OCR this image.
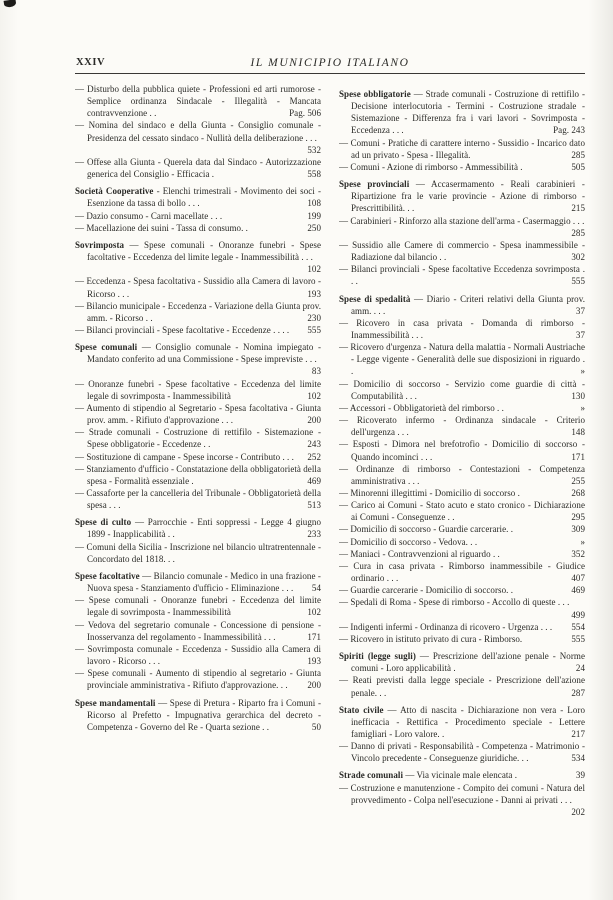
XXIV	IL MUNICIPIO ITALIANO
— Disturbo della pubblica quiete - Professioni ed arti rumorose - Semplice ordinanza Sindacale - Illegalità - Mancata contravvenzione . .	Pag. 506
— Nomina del sindaco e della Giunta - Consiglio comunale - Presidenza del cessato sindaco - Nullità della deliberazione . . .
532
— Offese alla Giunta - Querela data dal Sindaco - Autorizzazione generica del Consiglio - Efficacia .	558
Società Cooperative - Elenchi trimestrali - Movimento dei soci - Esenzione da tassa di bollo . . .	108
— Dazio consumo - Carni macellate . . .	199
— Macellazione dei suini - Tassa di consumo. .	250
Sovrimposta — Spese comunali - Onoranze funebri - Spese facoltative - Eccedenza del limite legale - Inammessibilità . . .
102
— Eccedenza - Spesa facoltativa - Sussidio alla Camera di lavoro - Ricorso . . .	193
— Bilancio municipale - Eccedenza - Variazione della Giunta prov. amm. - Ricorso . .	230
— Bilanci provinciali - Spese facoltative - Eccedenze . . . .	555
Spese comunali — Consiglio comunale - Nomina impiegato - Mandato conferito ad una Commissione - Spese impreviste . . .
83
— Onoranze funebri - Spese facoltative - Eccedenza del limite legale di sovrimposta - Inammessibilità	102
— Aumento di stipendio al Segretario - Spesa facoltativa - Giunta prov. amm. - Rifiuto d'approvazione . . .	200
— Strade comunali - Costruzione di rettifilo - Sistemazione - Spese obbligatorie - Eccedenze . .	243
— Sostituzione di campane - Spese incorse - Contributo . . .	252
— Stanziamento d'ufficio - Constatazione della obbligatorietà della spesa - Formalità essenziale .	469
— Cassaforte per la cancelleria del Tribunale - Obbligatorietà della spesa . . .	513
Spese di culto — Parrocchie - Enti soppressi - Legge 4 giugno 1899 - Inapplicabilità . .	233
— Comuni della Sicilia - Inscrizione nel bilancio ultratrentennale - Concordato del 1818. . .
Spese facoltative — Bilancio comunale - Medico in una frazione - Nuova spesa - Stanziamento d'ufficio - Eliminazione . . .	54
— Spese comunali - Onoranze funebri - Eccedenza del limite legale di sovrimposta - Inammessibilità	102
— Vedova del segretario comunale - Concessione di pensione - Inosservanza del regolamento - Inammessibilità . . .	171
— Sovrimposta comunale - Eccedenza - Sussidio alla Camera di lavoro - Ricorso . . .	193
— Spese comunali - Aumento di stipendio al segretario - Giunta provinciale amministrativa - Rifiuto d'approvazione. . .	200
Spese mandamentali — Spese di Pretura - Riparto fra i Comuni - Ricorso al Prefetto - Impugnativa gerarchica del decreto - Competenza - Governo del Re - Quarta sezione . .	50
Spese obbligatorie — Strade comunali - Costruzione di rettifilo - Decisione interlocutoria - Termini - Costruzione stradale - Sistemazione - Differenza fra i vari lavori - Sovrimposta - Eccedenza . . .	Pag. 243
— Comuni - Pratiche di carattere interno - Sussidio - Incarico dato ad un privato - Spesa - Illegalità.	285
— Comuni - Azione di rimborso - Ammessibilità .	505
Spese provinciali — Accasermamento - Reali carabinieri - Ripartizione fra le varie provincie - Azione di rimborso - Prescrittibilità. . .	215
— Carabinieri - Rinforzo alla stazione dell'arma - Casermaggio . . .
285
— Sussidio alle Camere di commercio - Spesa inammessibile - Radiazione dal bilancio . .	302
— Bilanci provinciali - Spese facoltative Eccedenza sovrimposta . . .	555
Spese di spedalità — Diario - Criteri relativi della Giunta prov. amm. . . .	37
— Ricovero in casa privata - Domanda di rimborso - Inammessibilità . . .	37
— Ricovero d'urgenza - Natura della malattia - Normali Austriache - Legge vigente - Generalità delle sue disposizioni in riguardo . .	»
— Domicilio di soccorso - Servizio come guardie di città - Computabilità . . .	130
— Accessori - Obbligatorietà del rimborso . .	»
— Ricoverato infermo - Ordinanza sindacale - Criterio dell'urgenza . . .	148
— Esposti - Dimora nel brefotrofio - Domicilio di soccorso - Quando incominci . . .	171
— Ordinanze di rimborso - Contestazioni - Competenza amministrativa . . .	255
— Minorenni illegittimi - Domicilio di soccorso .	268
— Carico ai Comuni - Stato acuto e stato cronico - Dichiarazione ai Comuni - Conseguenze . .	295
— Domicilio di soccorso - Guardie carcerarie. .	309
— Domicilio di soccorso - Vedova. . .	»
— Maniaci - Contravvenzioni al riguardo . .	352
— Cura in casa privata - Rimborso inammessibile - Giudice ordinario . . .	407
— Guardie carcerarie - Domicilio di soccorso. .	469
— Spedali di Roma - Spese di rimborso - Accollo di queste . . .
499
— Indigenti infermi - Ordinanza di ricovero - Urgenza . . .	554
— Ricovero in istituto privato di cura - Rimborso.	555
Spiriti (legge sugli) — Prescrizione dell'azione penale - Norme comuni - Loro applicabilità .	24
— Reati previsti dalla legge speciale - Prescrizione dell'azione penale. . .	287
Stato civile — Atto di nascita - Dichiarazione non vera - Loro inefficacia - Rettifica - Procedimento speciale - Lettere famigliari - Loro valore. .	217
— Danno di privati - Responsabilità - Competenza - Matrimonio - Vincolo precedente - Conseguenze giuridiche. . .	534
Strade comunali — Via vicinale male elencata .	39
— Costruzione e manutenzione - Compito dei comuni - Natura del provvedimento - Colpa nell'esecuzione - Danni ai privati . . .
202
